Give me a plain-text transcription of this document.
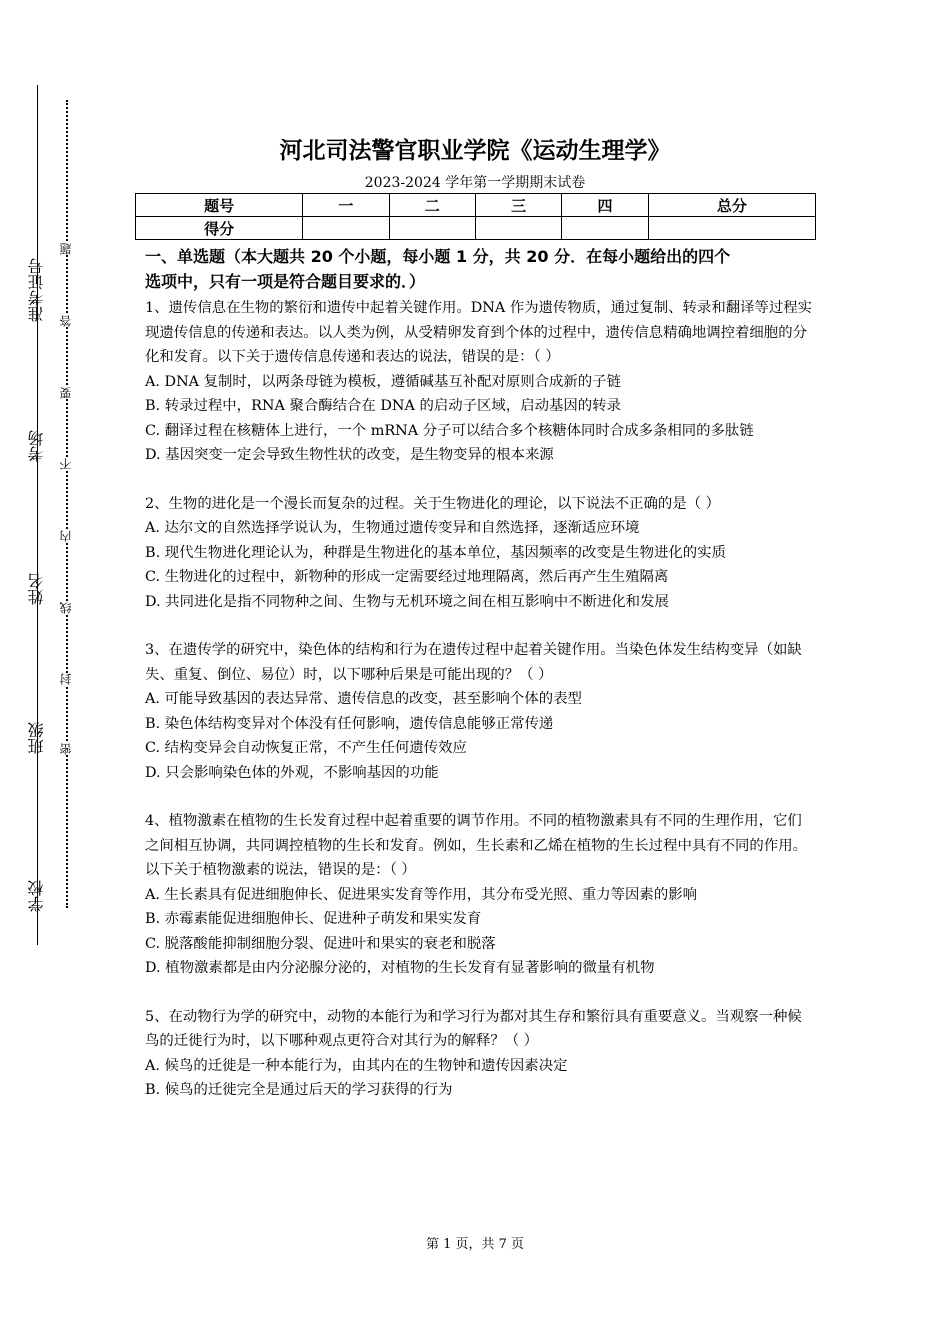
学校
班级
姓名
考场
准考证号
密
封
线
内
不
要
答
题
河北司法警官职业学院《运动生理学》
2023-2024 学年第一学期期末试卷
题号	一	二	三	四	总分
得分					
一、单选题（本大题共 20 个小题，每小题 1 分，共 20 分．在每小题给出的四个
选项中，只有一项是符合题目要求的．）

1、遗传信息在生物的繁衍和遗传中起着关键作用。DNA 作为遗传物质，通过复制、转录和翻译等过程实现遗传信息的传递和表达。以人类为例，从受精卵发育到个体的过程中，遗传信息精确地调控着细胞的分化和发育。以下关于遗传信息传递和表达的说法，错误的是：（ ）

A. DNA 复制时，以两条母链为模板，遵循碱基互补配对原则合成新的子链

B. 转录过程中，RNA 聚合酶结合在 DNA 的启动子区域，启动基因的转录

C. 翻译过程在核糖体上进行，一个 mRNA 分子可以结合多个核糖体同时合成多条相同的多肽链

D. 基因突变一定会导致生物性状的改变，是生物变异的根本来源

2、生物的进化是一个漫长而复杂的过程。关于生物进化的理论，以下说法不正确的是（ ）

A. 达尔文的自然选择学说认为，生物通过遗传变异和自然选择，逐渐适应环境

B. 现代生物进化理论认为，种群是生物进化的基本单位，基因频率的改变是生物进化的实质

C. 生物进化的过程中，新物种的形成一定需要经过地理隔离，然后再产生生殖隔离

D. 共同进化是指不同物种之间、生物与无机环境之间在相互影响中不断进化和发展

3、在遗传学的研究中，染色体的结构和行为在遗传过程中起着关键作用。当染色体发生结构变异（如缺失、重复、倒位、易位）时，以下哪种后果是可能出现的？（ ）

A. 可能导致基因的表达异常、遗传信息的改变，甚至影响个体的表型

B. 染色体结构变异对个体没有任何影响，遗传信息能够正常传递

C. 结构变异会自动恢复正常，不产生任何遗传效应

D. 只会影响染色体的外观，不影响基因的功能

4、植物激素在植物的生长发育过程中起着重要的调节作用。不同的植物激素具有不同的生理作用，它们之间相互协调，共同调控植物的生长和发育。例如，生长素和乙烯在植物的生长过程中具有不同的作用。以下关于植物激素的说法，错误的是：（ ）

A. 生长素具有促进细胞伸长、促进果实发育等作用，其分布受光照、重力等因素的影响

B. 赤霉素能促进细胞伸长、促进种子萌发和果实发育

C. 脱落酸能抑制细胞分裂、促进叶和果实的衰老和脱落

D. 植物激素都是由内分泌腺分泌的，对植物的生长发育有显著影响的微量有机物

5、在动物行为学的研究中，动物的本能行为和学习行为都对其生存和繁衍具有重要意义。当观察一种候鸟的迁徙行为时，以下哪种观点更符合对其行为的解释？（ ）

A. 候鸟的迁徙是一种本能行为，由其内在的生物钟和遗传因素决定

B. 候鸟的迁徙完全是通过后天的学习获得的行为

第 1 页，共 7 页
